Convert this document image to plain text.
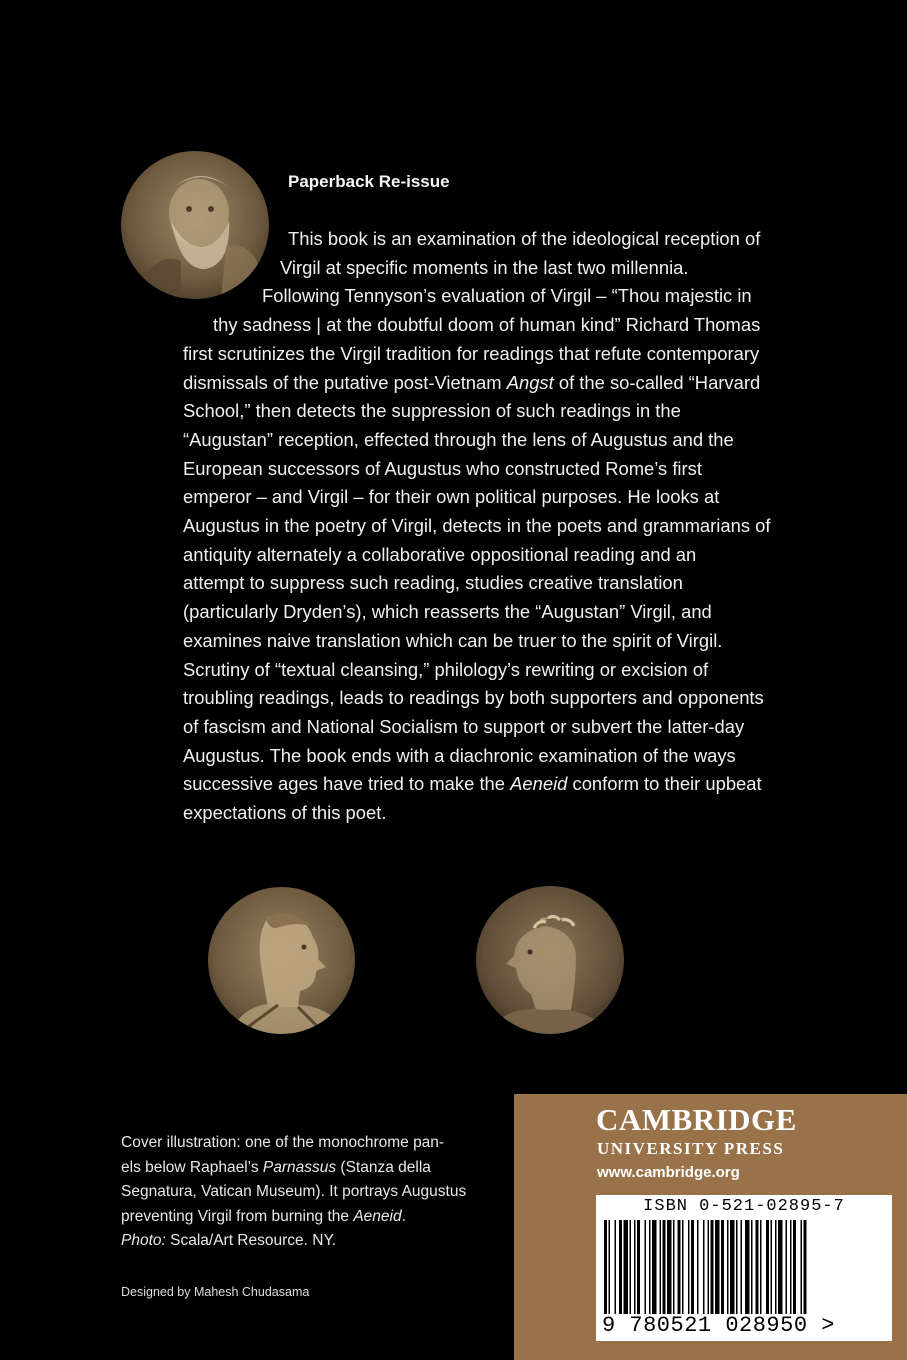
Paperback Re-issue
This book is an examination of the ideological reception of
Virgil at specific moments in the last two millennia.
Following Tennyson’s evaluation of Virgil – “Thou majestic in
thy sadness | at the doubtful doom of human kind” Richard Thomas
first scrutinizes the Virgil tradition for readings that refute contemporary
dismissals of the putative post-Vietnam Angst of the so-called “Harvard
School,” then detects the suppression of such readings in the
“Augustan” reception, effected through the lens of Augustus and the
European successors of Augustus who constructed Rome’s first
emperor – and Virgil – for their own political purposes. He looks at
Augustus in the poetry of Virgil, detects in the poets and grammarians of
antiquity alternately a collaborative oppositional reading and an
attempt to suppress such reading, studies creative translation
(particularly Dryden’s), which reasserts the “Augustan” Virgil, and
examines naive translation which can be truer to the spirit of Virgil.
Scrutiny of “textual cleansing,” philology’s rewriting or excision of
troubling readings, leads to readings by both supporters and opponents
of fascism and National Socialism to support or subvert the latter-day
Augustus. The book ends with a diachronic examination of the ways
successive ages have tried to make the Aeneid conform to their upbeat
expectations of this poet.
Cover illustration: one of the monochrome pan-
els below Raphael’s Parnassus (Stanza della
Segnatura, Vatican Museum). It portrays Augustus
preventing Virgil from burning the Aeneid.
Photo: Scala/Art Resource. NY.

Designed by Mahesh Chudasama

CAMBRIDGE

UNIVERSITY PRESS

www.cambridge.org

ISBN 0-521-02895-7

9 780521 028950 >
